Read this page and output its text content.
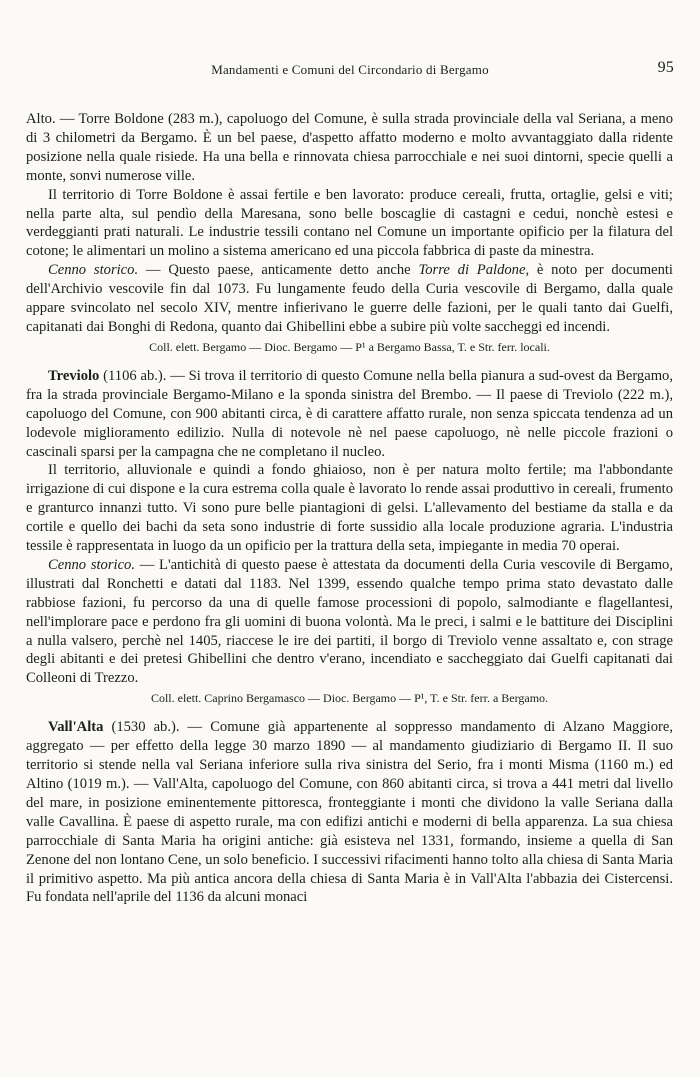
Mandamenti e Comuni del Circondario di Bergamo	95

Alto. — Torre Boldone (283 m.), capoluogo del Comune, è sulla strada provinciale della val Seriana, a meno di 3 chilometri da Bergamo. È un bel paese, d'aspetto affatto moderno e molto avvantaggiato dalla ridente posizione nella quale risiede. Ha una bella e rinnovata chiesa parrocchiale e nei suoi dintorni, specie quelli a monte, sonvi numerose ville.

Il territorio di Torre Boldone è assai fertile e ben lavorato: produce cereali, frutta, ortaglie, gelsi e viti; nella parte alta, sul pendìo della Maresana, sono belle boscaglie di castagni e cedui, nonchè estesi e verdeggianti prati naturali. Le industrie tessili contano nel Comune un importante opificio per la filatura del cotone; le alimentari un molino a sistema americano ed una piccola fabbrica di paste da minestra.

Cenno storico. — Questo paese, anticamente detto anche Torre di Paldone, è noto per documenti dell'Archivio vescovile fin dal 1073. Fu lungamente feudo della Curia vescovile di Bergamo, dalla quale appare svincolato nel secolo XIV, mentre infierivano le guerre delle fazioni, per le quali tanto dai Guelfi, capitanati dai Bonghi di Redona, quanto dai Ghibellini ebbe a subire più volte saccheggi ed incendi.

Coll. elett. Bergamo — Dioc. Bergamo — P¹ a Bergamo Bassa, T. e Str. ferr. locali.

Treviolo (1106 ab.). — Si trova il territorio di questo Comune nella bella pianura a sud-ovest da Bergamo, fra la strada provinciale Bergamo-Milano e la sponda sinistra del Brembo. — Il paese di Treviolo (222 m.), capoluogo del Comune, con 900 abitanti circa, è di carattere affatto rurale, non senza spiccata tendenza ad un lodevole miglioramento edilizio. Nulla di notevole nè nel paese capoluogo, nè nelle piccole frazioni o cascinali sparsi per la campagna che ne completano il nucleo.

Il territorio, alluvionale e quindi a fondo ghiaioso, non è per natura molto fertile; ma l'abbondante irrigazione di cui dispone e la cura estrema colla quale è lavorato lo rende assai produttivo in cereali, frumento e granturco innanzi tutto. Vi sono pure belle piantagioni di gelsi. L'allevamento del bestiame da stalla e da cortile e quello dei bachi da seta sono industrie di forte sussidio alla locale produzione agraria. L'industria tessile è rappresentata in luogo da un opificio per la trattura della seta, impiegante in media 70 operai.

Cenno storico. — L'antichità di questo paese è attestata da documenti della Curia vescovile di Bergamo, illustrati dal Ronchetti e datati dal 1183. Nel 1399, essendo qualche tempo prima stato devastato dalle rabbiose fazioni, fu percorso da una di quelle famose processioni di popolo, salmodiante e flagellantesi, nell'implorare pace e perdono fra gli uomini di buona volontà. Ma le preci, i salmi e le battiture dei Disciplini a nulla valsero, perchè nel 1405, riaccese le ire dei partiti, il borgo di Treviolo venne assaltato e, con strage degli abitanti e dei pretesi Ghibellini che dentro v'erano, incendiato e saccheggiato dai Guelfi capitanati dai Colleoni di Trezzo.

Coll. elett. Caprino Bergamasco — Dioc. Bergamo — P¹, T. e Str. ferr. a Bergamo.

Vall'Alta (1530 ab.). — Comune già appartenente al soppresso mandamento di Alzano Maggiore, aggregato — per effetto della legge 30 marzo 1890 — al mandamento giudiziario di Bergamo II. Il suo territorio si stende nella val Seriana inferiore sulla riva sinistra del Serio, fra i monti Misma (1160 m.) ed Altino (1019 m.). — Vall'Alta, capoluogo del Comune, con 860 abitanti circa, si trova a 441 metri dal livello del mare, in posizione eminentemente pittoresca, fronteggiante i monti che dividono la valle Seriana dalla valle Cavallina. È paese di aspetto rurale, ma con edifizi antichi e moderni di bella apparenza. La sua chiesa parrocchiale di Santa Maria ha origini antiche: già esisteva nel 1331, formando, insieme a quella di San Zenone del non lontano Cene, un solo beneficio. I successivi rifacimenti hanno tolto alla chiesa di Santa Maria il primitivo aspetto. Ma più antica ancora della chiesa di Santa Maria è in Vall'Alta l'abbazia dei Cistercensi. Fu fondata nell'aprile del 1136 da alcuni monaci
